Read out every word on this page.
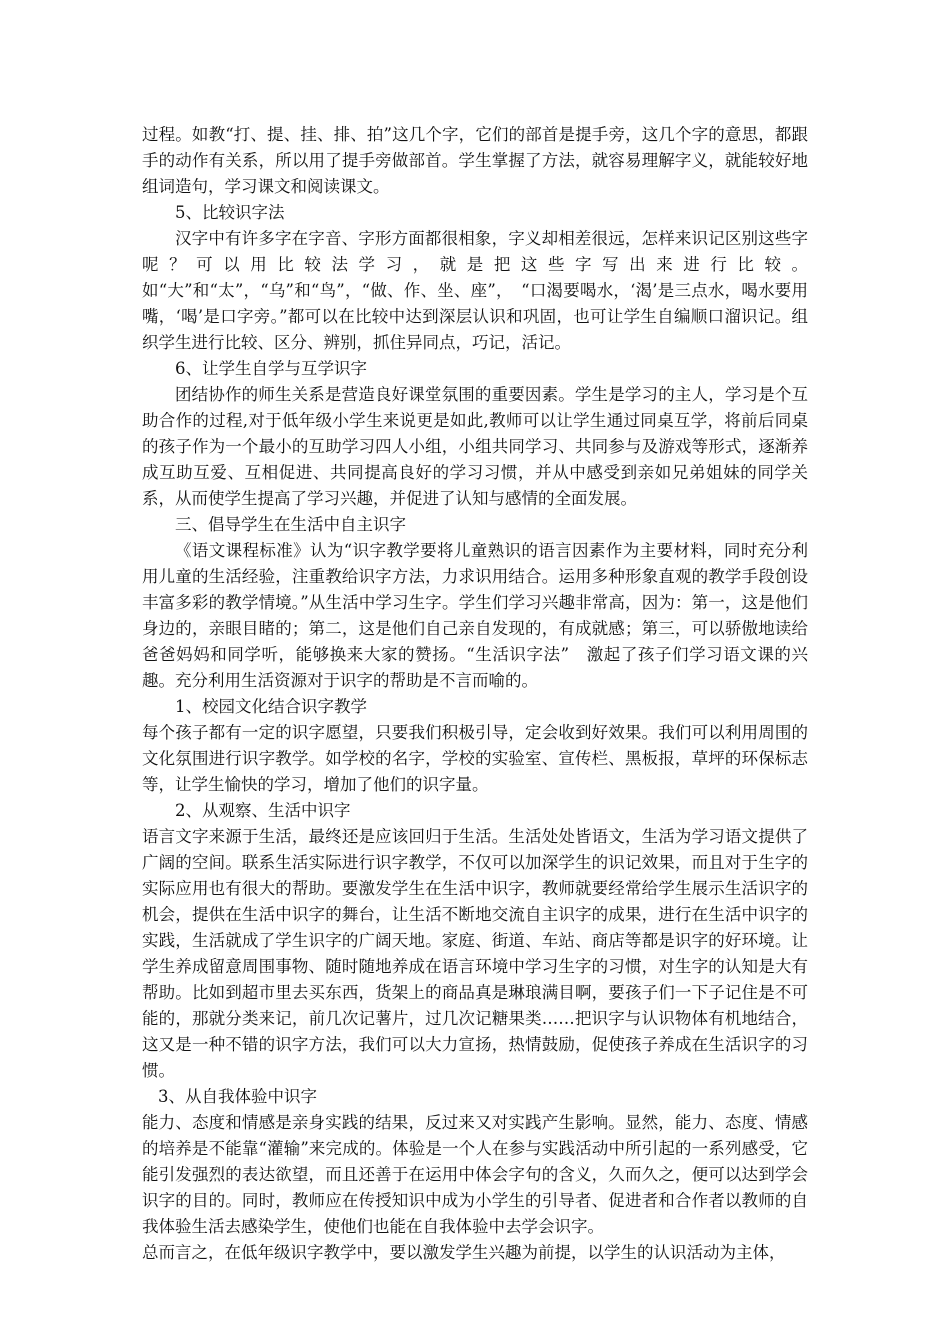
过程。如教“打、提、挂、排、拍”这几个字，它们的部首是提手旁，这几个字的意思，都跟手的动作有关系，所以用了提手旁做部首。学生掌握了方法，就容易理解字义，就能较好地组词造句，学习课文和阅读课文。

5、比较识字法

汉字中有许多字在字音、字形方面都很相象，字义却相差很远，怎样来识记区别这些字呢？可以用比较法学习，就是把这些字写出来进行比较。如“大”和“太”，“乌”和“鸟”，“做、作、坐、座”，　“口渴要喝水，‘渴’是三点水，喝水要用嘴，‘喝’是口字旁。”都可以在比较中达到深层认识和巩固，也可让学生自编顺口溜识记。组织学生进行比较、区分、辨别，抓住异同点，巧记，活记。

6、让学生自学与互学识字

团结协作的师生关系是营造良好课堂氛围的重要因素。学生是学习的主人，学习是个互助合作的过程,对于低年级小学生来说更是如此,教师可以让学生通过同桌互学，将前后同桌的孩子作为一个最小的互助学习四人小组，小组共同学习、共同参与及游戏等形式，逐渐养成互助互爱、互相促进、共同提高良好的学习习惯，并从中感受到亲如兄弟姐妹的同学关系，从而使学生提高了学习兴趣，并促进了认知与感情的全面发展。

三、倡导学生在生活中自主识字

《语文课程标准》认为“识字教学要将儿童熟识的语言因素作为主要材料，同时充分利用儿童的生活经验，注重教给识字方法，力求识用结合。运用多种形象直观的教学手段创设丰富多彩的教学情境。”从生活中学习生字。学生们学习兴趣非常高，因为：第一，这是他们身边的，亲眼目睹的；第二，这是他们自己亲自发现的，有成就感；第三，可以骄傲地读给爸爸妈妈和同学听，能够换来大家的赞扬。“生活识字法”　激起了孩子们学习语文课的兴趣。充分利用生活资源对于识字的帮助是不言而喻的。

1、校园文化结合识字教学

每个孩子都有一定的识字愿望，只要我们积极引导，定会收到好效果。我们可以利用周围的文化氛围进行识字教学。如学校的名字，学校的实验室、宣传栏、黑板报，草坪的环保标志等，让学生愉快的学习，增加了他们的识字量。

2、从观察、生活中识字

语言文字来源于生活，最终还是应该回归于生活。生活处处皆语文，生活为学习语文提供了广阔的空间。联系生活实际进行识字教学，不仅可以加深学生的识记效果，而且对于生字的实际应用也有很大的帮助。要激发学生在生活中识字，教师就要经常给学生展示生活识字的机会，提供在生活中识字的舞台，让生活不断地交流自主识字的成果，进行在生活中识字的实践，生活就成了学生识字的广阔天地。家庭、街道、车站、商店等都是识字的好环境。让学生养成留意周围事物、随时随地养成在语言环境中学习生字的习惯，对生字的认知是大有帮助。比如到超市里去买东西，货架上的商品真是琳琅满目啊，要孩子们一下子记住是不可能的，那就分类来记，前几次记薯片，过几次记糖果类……把识字与认识物体有机地结合，这又是一种不错的识字方法，我们可以大力宣扬，热情鼓励，促使孩子养成在生活识字的习惯。

3、从自我体验中识字

能力、态度和情感是亲身实践的结果，反过来又对实践产生影响。显然，能力、态度、情感的培养是不能靠“灌输”来完成的。体验是一个人在参与实践活动中所引起的一系列感受，它能引发强烈的表达欲望，而且还善于在运用中体会字句的含义，久而久之，便可以达到学会识字的目的。同时，教师应在传授知识中成为小学生的引导者、促进者和合作者以教师的自我体验生活去感染学生，使他们也能在自我体验中去学会识字。

总而言之，在低年级识字教学中，要以激发学生兴趣为前提，以学生的认识活动为主体，
